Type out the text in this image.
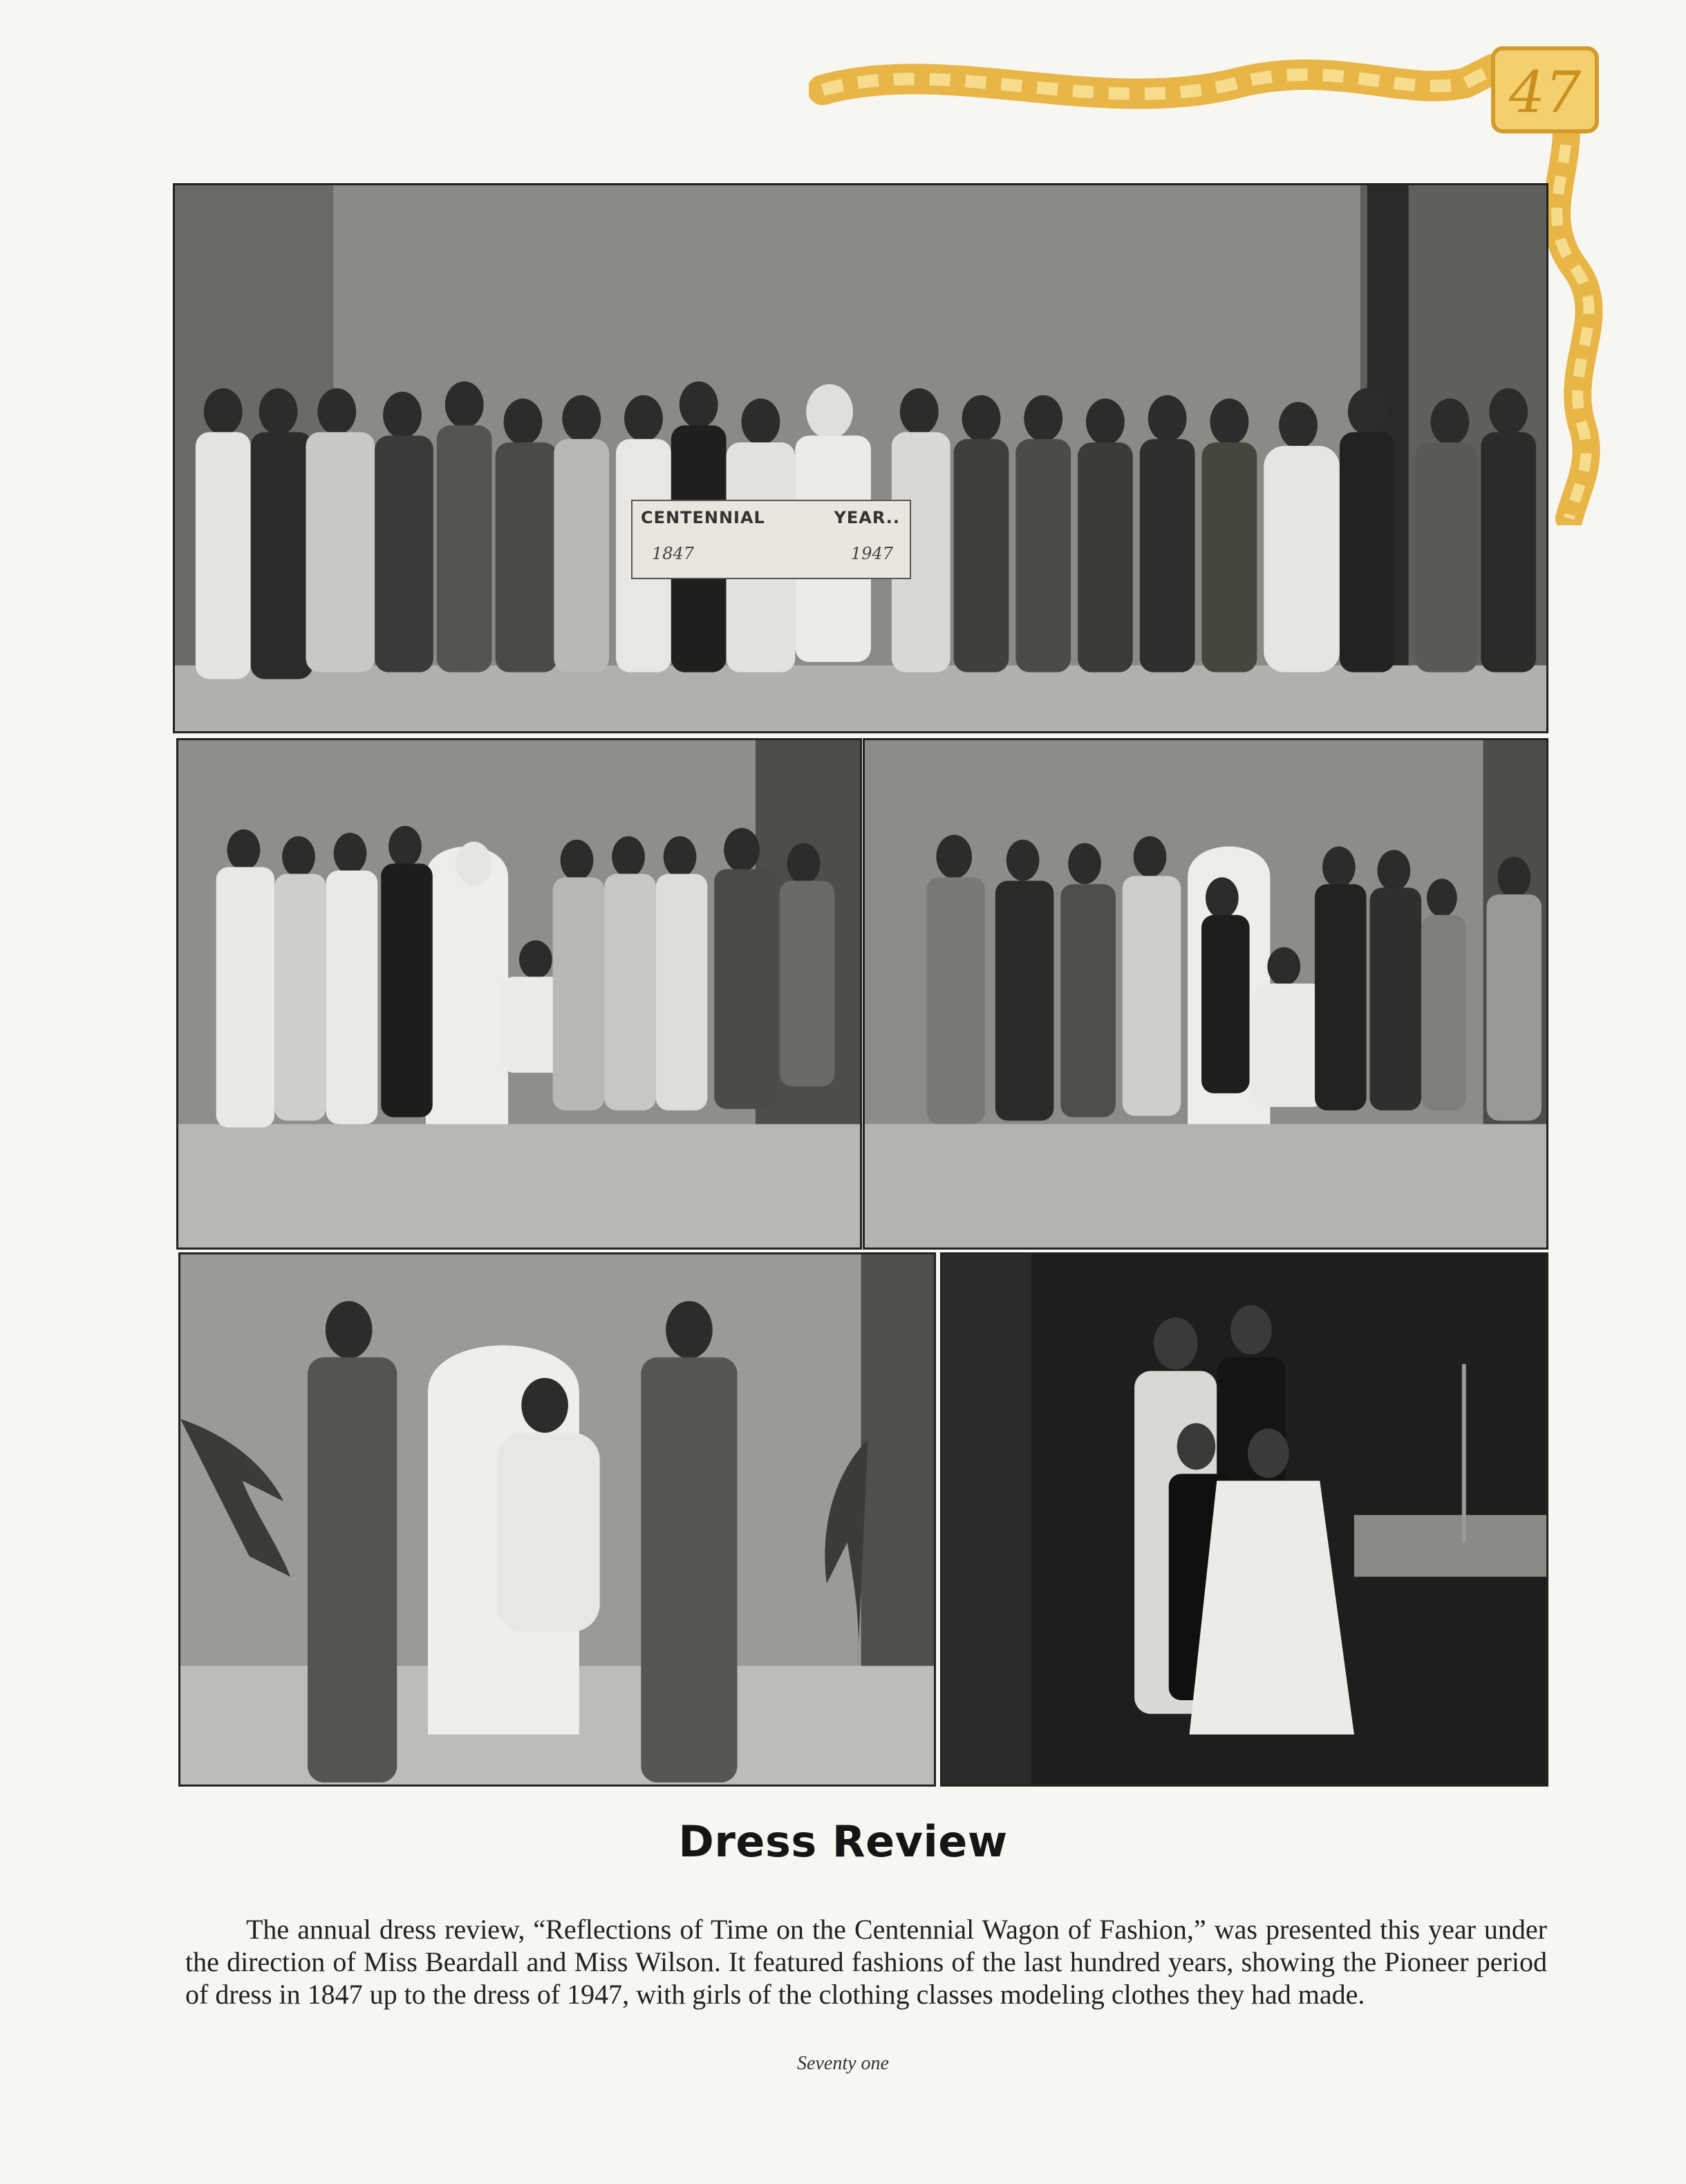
47
CENTENNIAL	YEAR..
1847	1947
Dress Review

The annual dress review, “Reflections of Time on the Centennial Wagon of Fashion,” was presented this year under the direction of Miss Beardall and Miss Wilson. It featured fashions of the last hundred years, showing the Pioneer period of dress in 1847 up to the dress of 1947, with girls of the clothing classes modeling clothes they had made.

Seventy one
